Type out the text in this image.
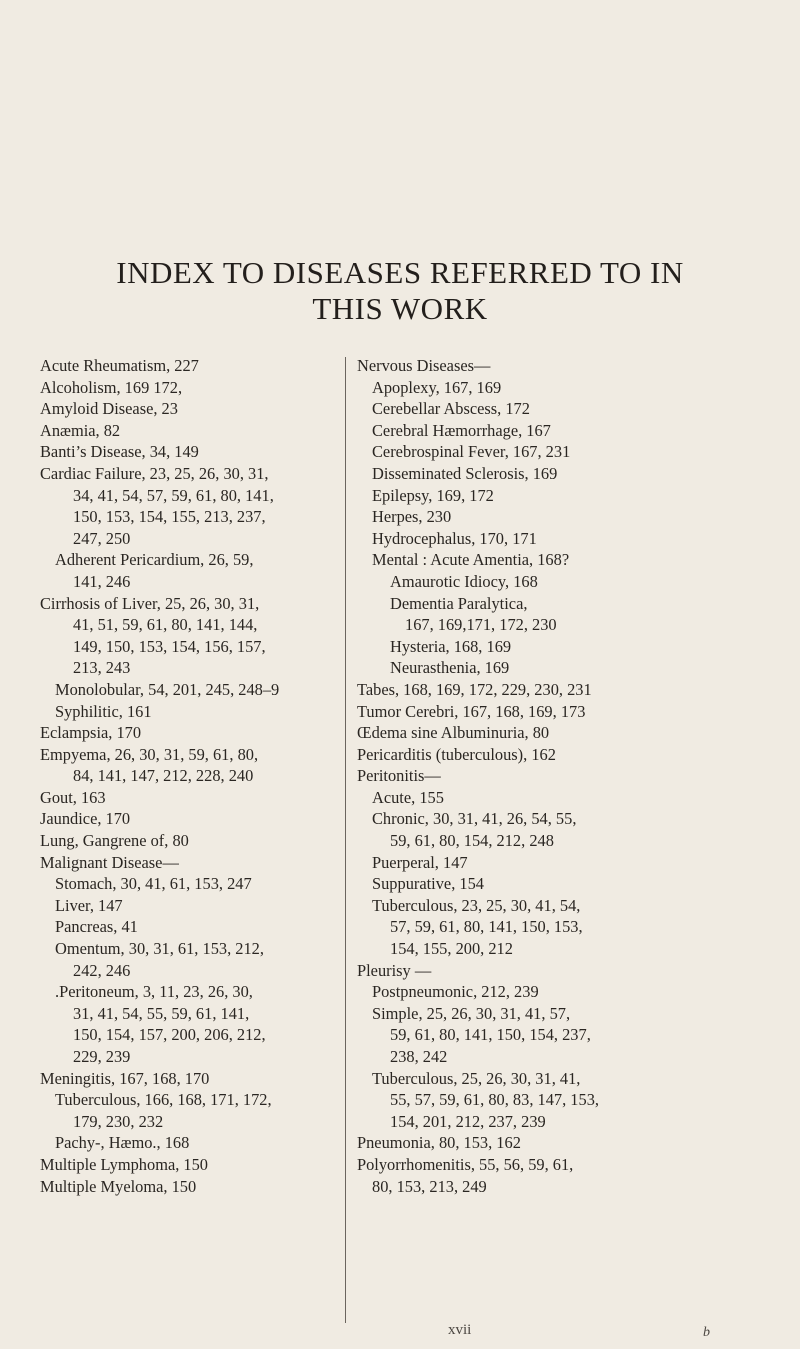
INDEX TO DISEASES REFERRED TO IN
THIS WORK
Acute Rheumatism, 227
Alcoholism, 169 172,
Amyloid Disease, 23
Anæmia, 82
Banti’s Disease, 34, 149
Cardiac Failure, 23, 25, 26, 30, 31,
34, 41, 54, 57, 59, 61, 80, 141,
150, 153, 154, 155, 213, 237,
247, 250
Adherent Pericardium, 26, 59,
141, 246
Cirrhosis of Liver, 25, 26, 30, 31,
41, 51, 59, 61, 80, 141, 144,
149, 150, 153, 154, 156, 157,
213, 243
Monolobular, 54, 201, 245, 248–9
Syphilitic, 161
Eclampsia, 170
Empyema, 26, 30, 31, 59, 61, 80,
84, 141, 147, 212, 228, 240
Gout, 163
Jaundice, 170
Lung, Gangrene of, 80
Malignant Disease—
Stomach, 30, 41, 61, 153, 247
Liver, 147
Pancreas, 41
Omentum, 30, 31, 61, 153, 212,
242, 246
.Peritoneum, 3, 11, 23, 26, 30,
31, 41, 54, 55, 59, 61, 141,
150, 154, 157, 200, 206, 212,
229, 239
Meningitis, 167, 168, 170
Tuberculous, 166, 168, 171, 172,
179, 230, 232
Pachy-, Hæmo., 168
Multiple Lymphoma, 150
Multiple Myeloma, 150
Nervous Diseases—
Apoplexy, 167, 169
Cerebellar Abscess, 172
Cerebral Hæmorrhage, 167
Cerebrospinal Fever, 167, 231
Disseminated Sclerosis, 169
Epilepsy, 169, 172
Herpes, 230
Hydrocephalus, 170, 171
Mental : Acute Amentia, 168?
Amaurotic Idiocy, 168
Dementia Paralytica,
167, 169,171, 172, 230
Hysteria, 168, 169
Neurasthenia, 169
Tabes, 168, 169, 172, 229, 230, 231
Tumor Cerebri, 167, 168, 169, 173
Œdema sine Albuminuria, 80
Pericarditis (tuberculous), 162
Peritonitis—
Acute, 155
Chronic, 30, 31, 41, 26, 54, 55,
59, 61, 80, 154, 212, 248
Puerperal, 147
Suppurative, 154
Tuberculous, 23, 25, 30, 41, 54,
57, 59, 61, 80, 141, 150, 153,
154, 155, 200, 212
Pleurisy —
Postpneumonic, 212, 239
Simple, 25, 26, 30, 31, 41, 57,
59, 61, 80, 141, 150, 154, 237,
238, 242
Tuberculous, 25, 26, 30, 31, 41,
55, 57, 59, 61, 80, 83, 147, 153,
154, 201, 212, 237, 239
Pneumonia, 80, 153, 162
Polyorrhomenitis, 55, 56, 59, 61,
80, 153, 213, 249
xvii	b
